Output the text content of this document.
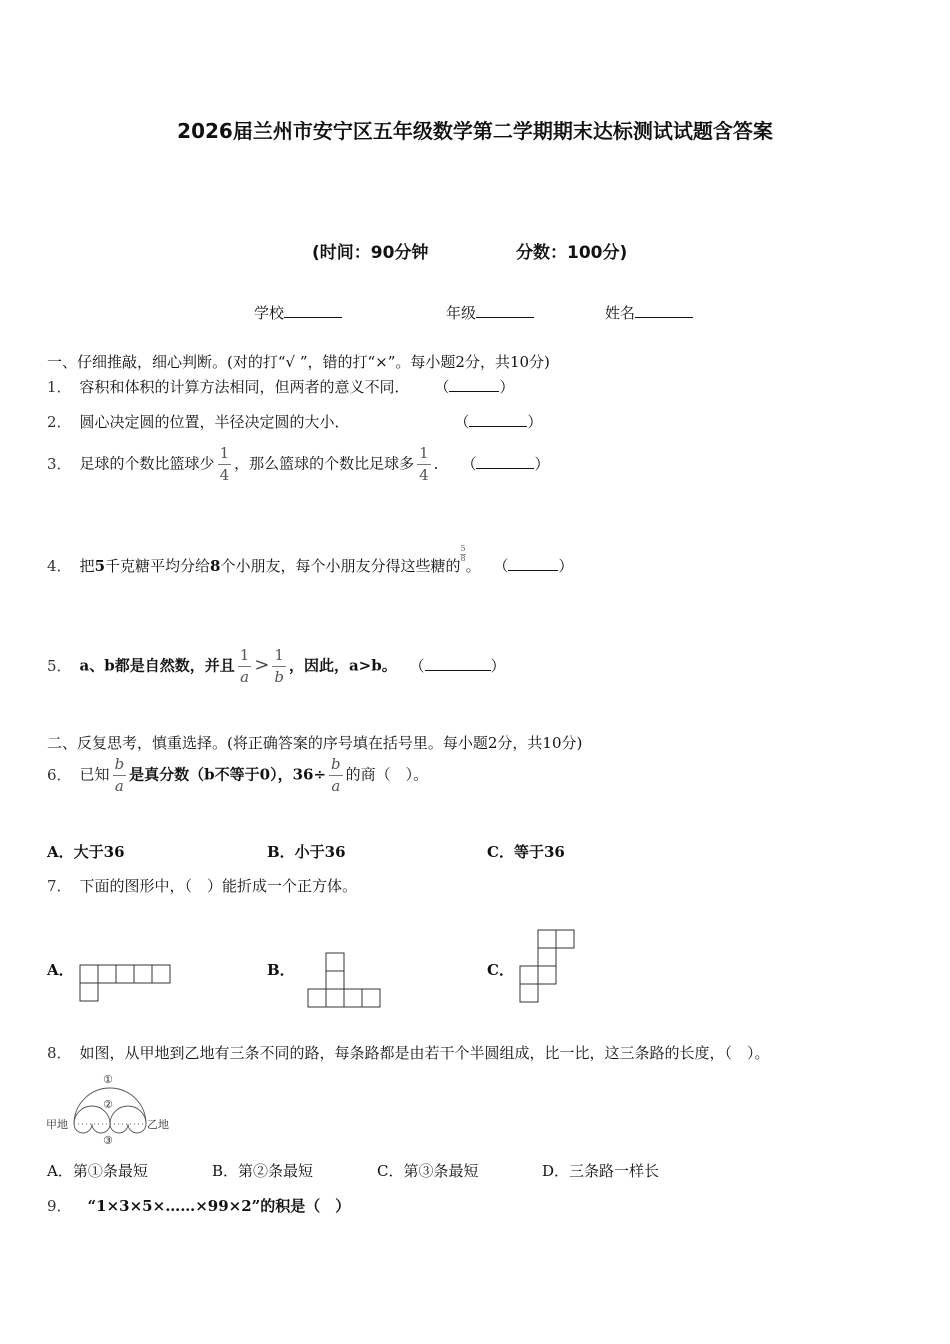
2026届兰州市安宁区五年级数学第二学期期末达标测试试题含答案
(时间：90分钟	分数：100分)
学校	年级	姓名
一、仔细推敲，细心判断。(对的打“√ ”，错的打“×”。每小题2分，共10分)
1． 容积和体积的计算方法相同，但两者的意义不同． （	）
2． 圆心决定圆的位置，半径决定圆的大小．	（	）
3． 足球的个数比篮球少 $\frac{1}{4}$ ，那么篮球的个数比足球多 $\frac{1}{4}$ ． （	）
4． 把5千克糖平均分给8个小朋友，每个小朋友分得这些糖的
$\frac{5}{8}$
。 （	）
5． a、b都是自然数，并且 $\frac{1}{a} > \frac{1}{b}$ ，因此，a>b。 （	）
二、反复思考，慎重选择。(将正确答案的序号填在括号里。每小题2分，共10分)
6． 已知 $\frac{b}{a}$ 是真分数（b不等于0），$36\div \frac{b}{a}$ 的商（　）。
A．大于36	B．小于36	C．等于36
7． 下面的图形中，（　）能折成一个正方体。
A．	B．	C．
8． 如图，从甲地到乙地有三条不同的路，每条路都是由若干个半圆组成，比一比，这三条路的长度，（　）。
甲地	乙地
①
②
③
A．第①条最短	B．第②条最短	C．第③条最短	D．三条路一样长
9． “1×3×5×……×99×2”的积是（　）
